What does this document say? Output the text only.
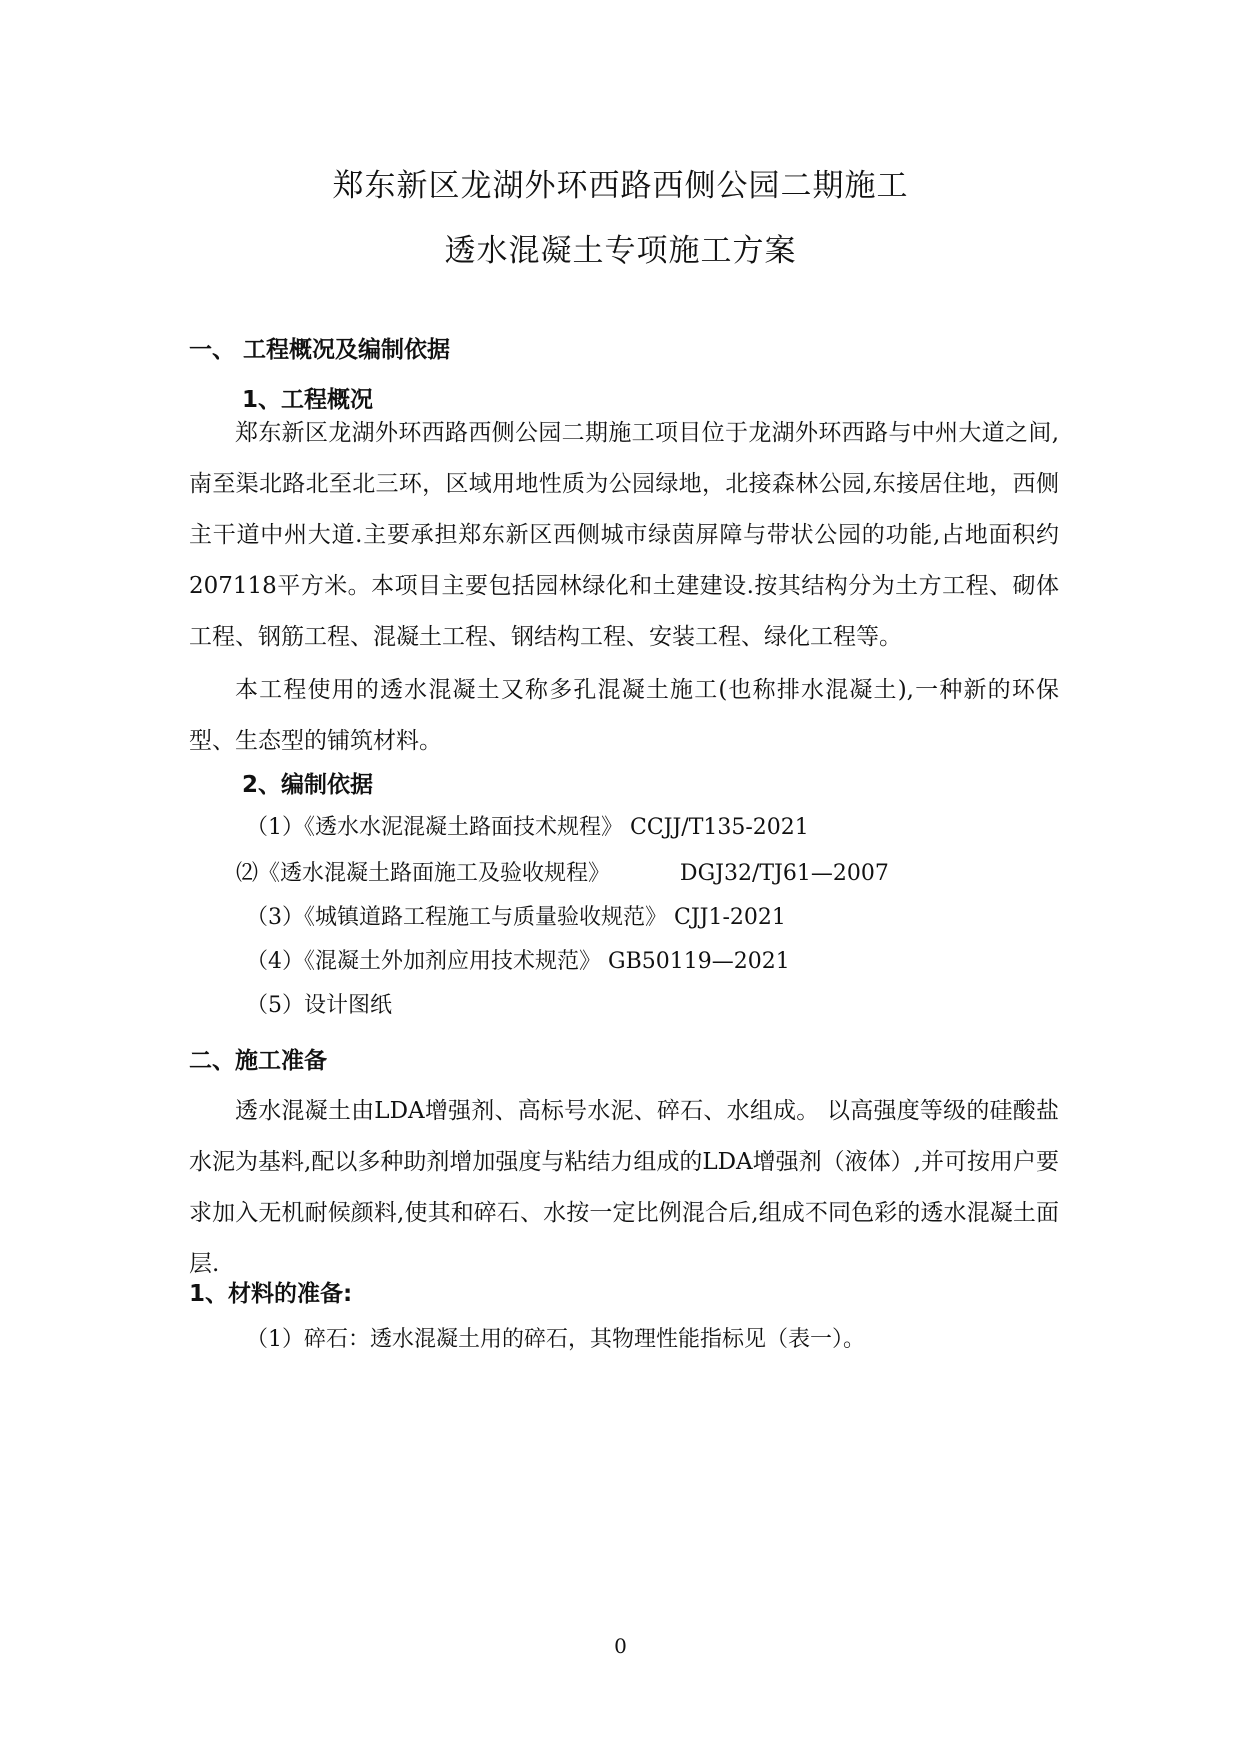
郑东新区龙湖外环西路西侧公园二期施工
透水混凝土专项施工方案
一、 工程概况及编制依据
1、工程概况

郑东新区龙湖外环西路西侧公园二期施工项目位于龙湖外环西路与中州大道之间,南至渠北路北至北三环，区域用地性质为公园绿地，北接森林公园,东接居住地，西侧主干道中州大道.主要承担郑东新区西侧城市绿茵屏障与带状公园的功能,占地面积约207118平方米。本项目主要包括园林绿化和土建建设.按其结构分为土方工程、砌体工程、钢筋工程、混凝土工程、钢结构工程、安装工程、绿化工程等。

本工程使用的透水混凝土又称多孔混凝土施工(也称排水混凝土),一种新的环保型、生态型的铺筑材料。

2、编制依据
（1）《透水水泥混凝土路面技术规程》 CCJJ/T135-2021
⑵《透水混凝土路面施工及验收规程》          DGJ32/TJ61—2007
（3）《城镇道路工程施工与质量验收规范》 CJJ1-2021
（4）《混凝土外加剂应用技术规范》 GB50119—2021
（5）设计图纸
二、施工准备

透水混凝土由LDA增强剂、高标号水泥、碎石、水组成。 以高强度等级的硅酸盐水泥为基料,配以多种助剂增加强度与粘结力组成的LDA增强剂（液体）,并可按用户要求加入无机耐候颜料,使其和碎石、水按一定比例混合后,组成不同色彩的透水混凝土面层.

1、材料的准备:
（1）碎石：透水混凝土用的碎石，其物理性能指标见（表一）。
0
